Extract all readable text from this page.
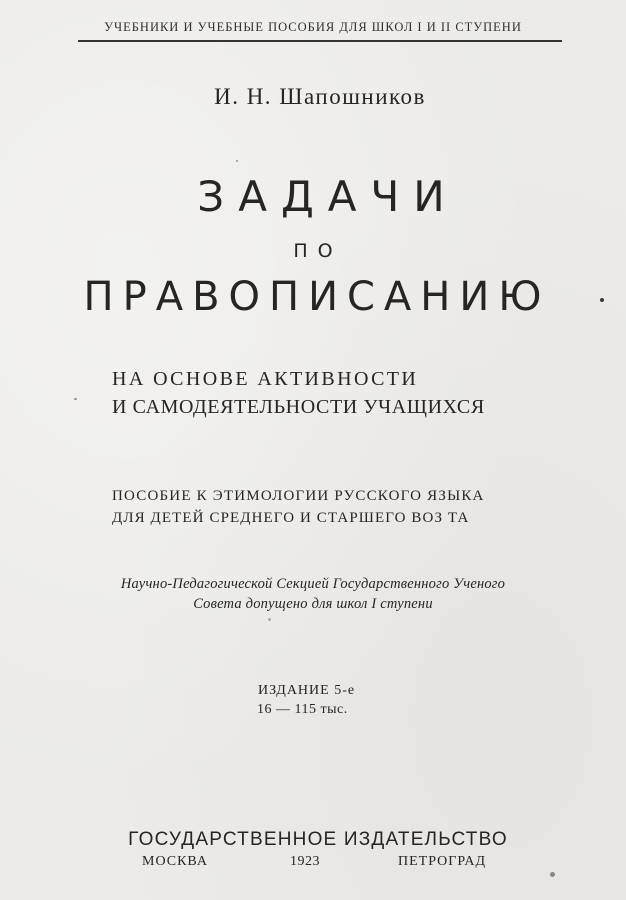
УЧЕБНИКИ И УЧЕБНЫЕ ПОСОБИЯ ДЛЯ ШКОЛ I И II СТУПЕНИ
И. Н. Шапошников
ЗАДАЧИ
ПО
ПРАВОПИСАНИЮ
НА ОСНОВЕ АКТИВНОСТИ
И САМОДЕЯТЕЛЬНОСТИ УЧАЩИХСЯ
ПОСОБИЕ К ЭТИМОЛОГИИ РУССКОГО ЯЗЫКА
ДЛЯ ДЕТЕЙ СРЕДНЕГО И СТАРШЕГО ВОЗ ТА
Научно-Педагогической Секцией Государственного Ученого
Совета допущено для школ I ступени
ИЗДАНИЕ 5-е
16 — 115 тыс.
ГОСУДАРСТВЕННОЕ ИЗДАТЕЛЬСТВО
МОСКВА	1923	ПЕТРОГРАД
